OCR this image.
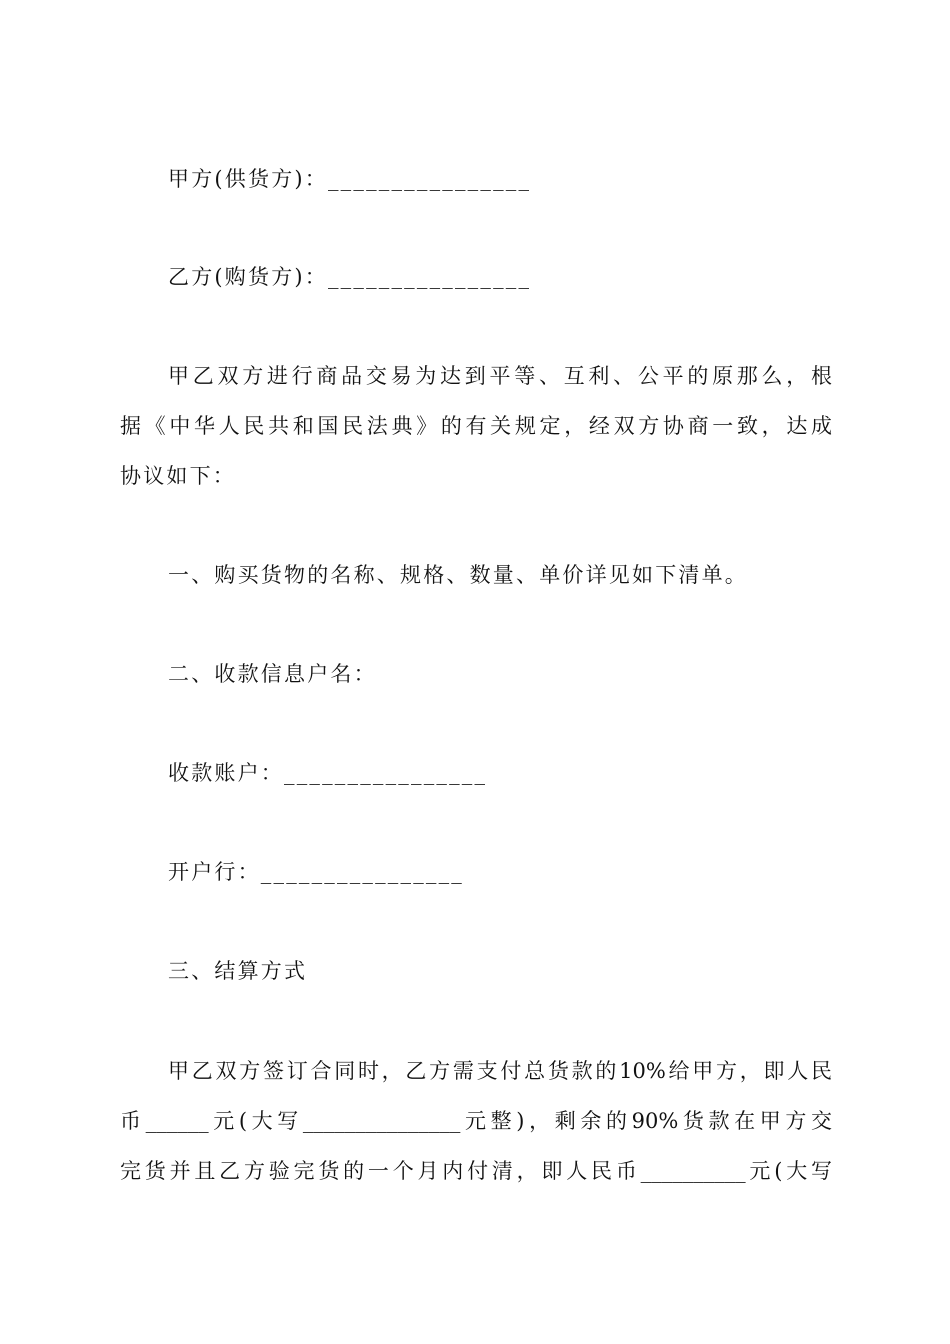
甲方(供货方)：________________
乙方(购货方)：________________
甲乙双方进行商品交易为达到平等、互利、公平的原那么，根
据《中华人民共和国民法典》的有关规定，经双方协商一致，达成
协议如下：
一、购买货物的名称、规格、数量、单价详见如下清单。
二、收款信息户名：
收款账户：________________
开户行：________________
三、结算方式
甲乙双方签订合同时，乙方需支付总货款的10%给甲方，即人民
币______元(大写_______________元整)，剩余的90%货款在甲方交
完货并且乙方验完货的一个月内付清，即人民币__________元(大写
